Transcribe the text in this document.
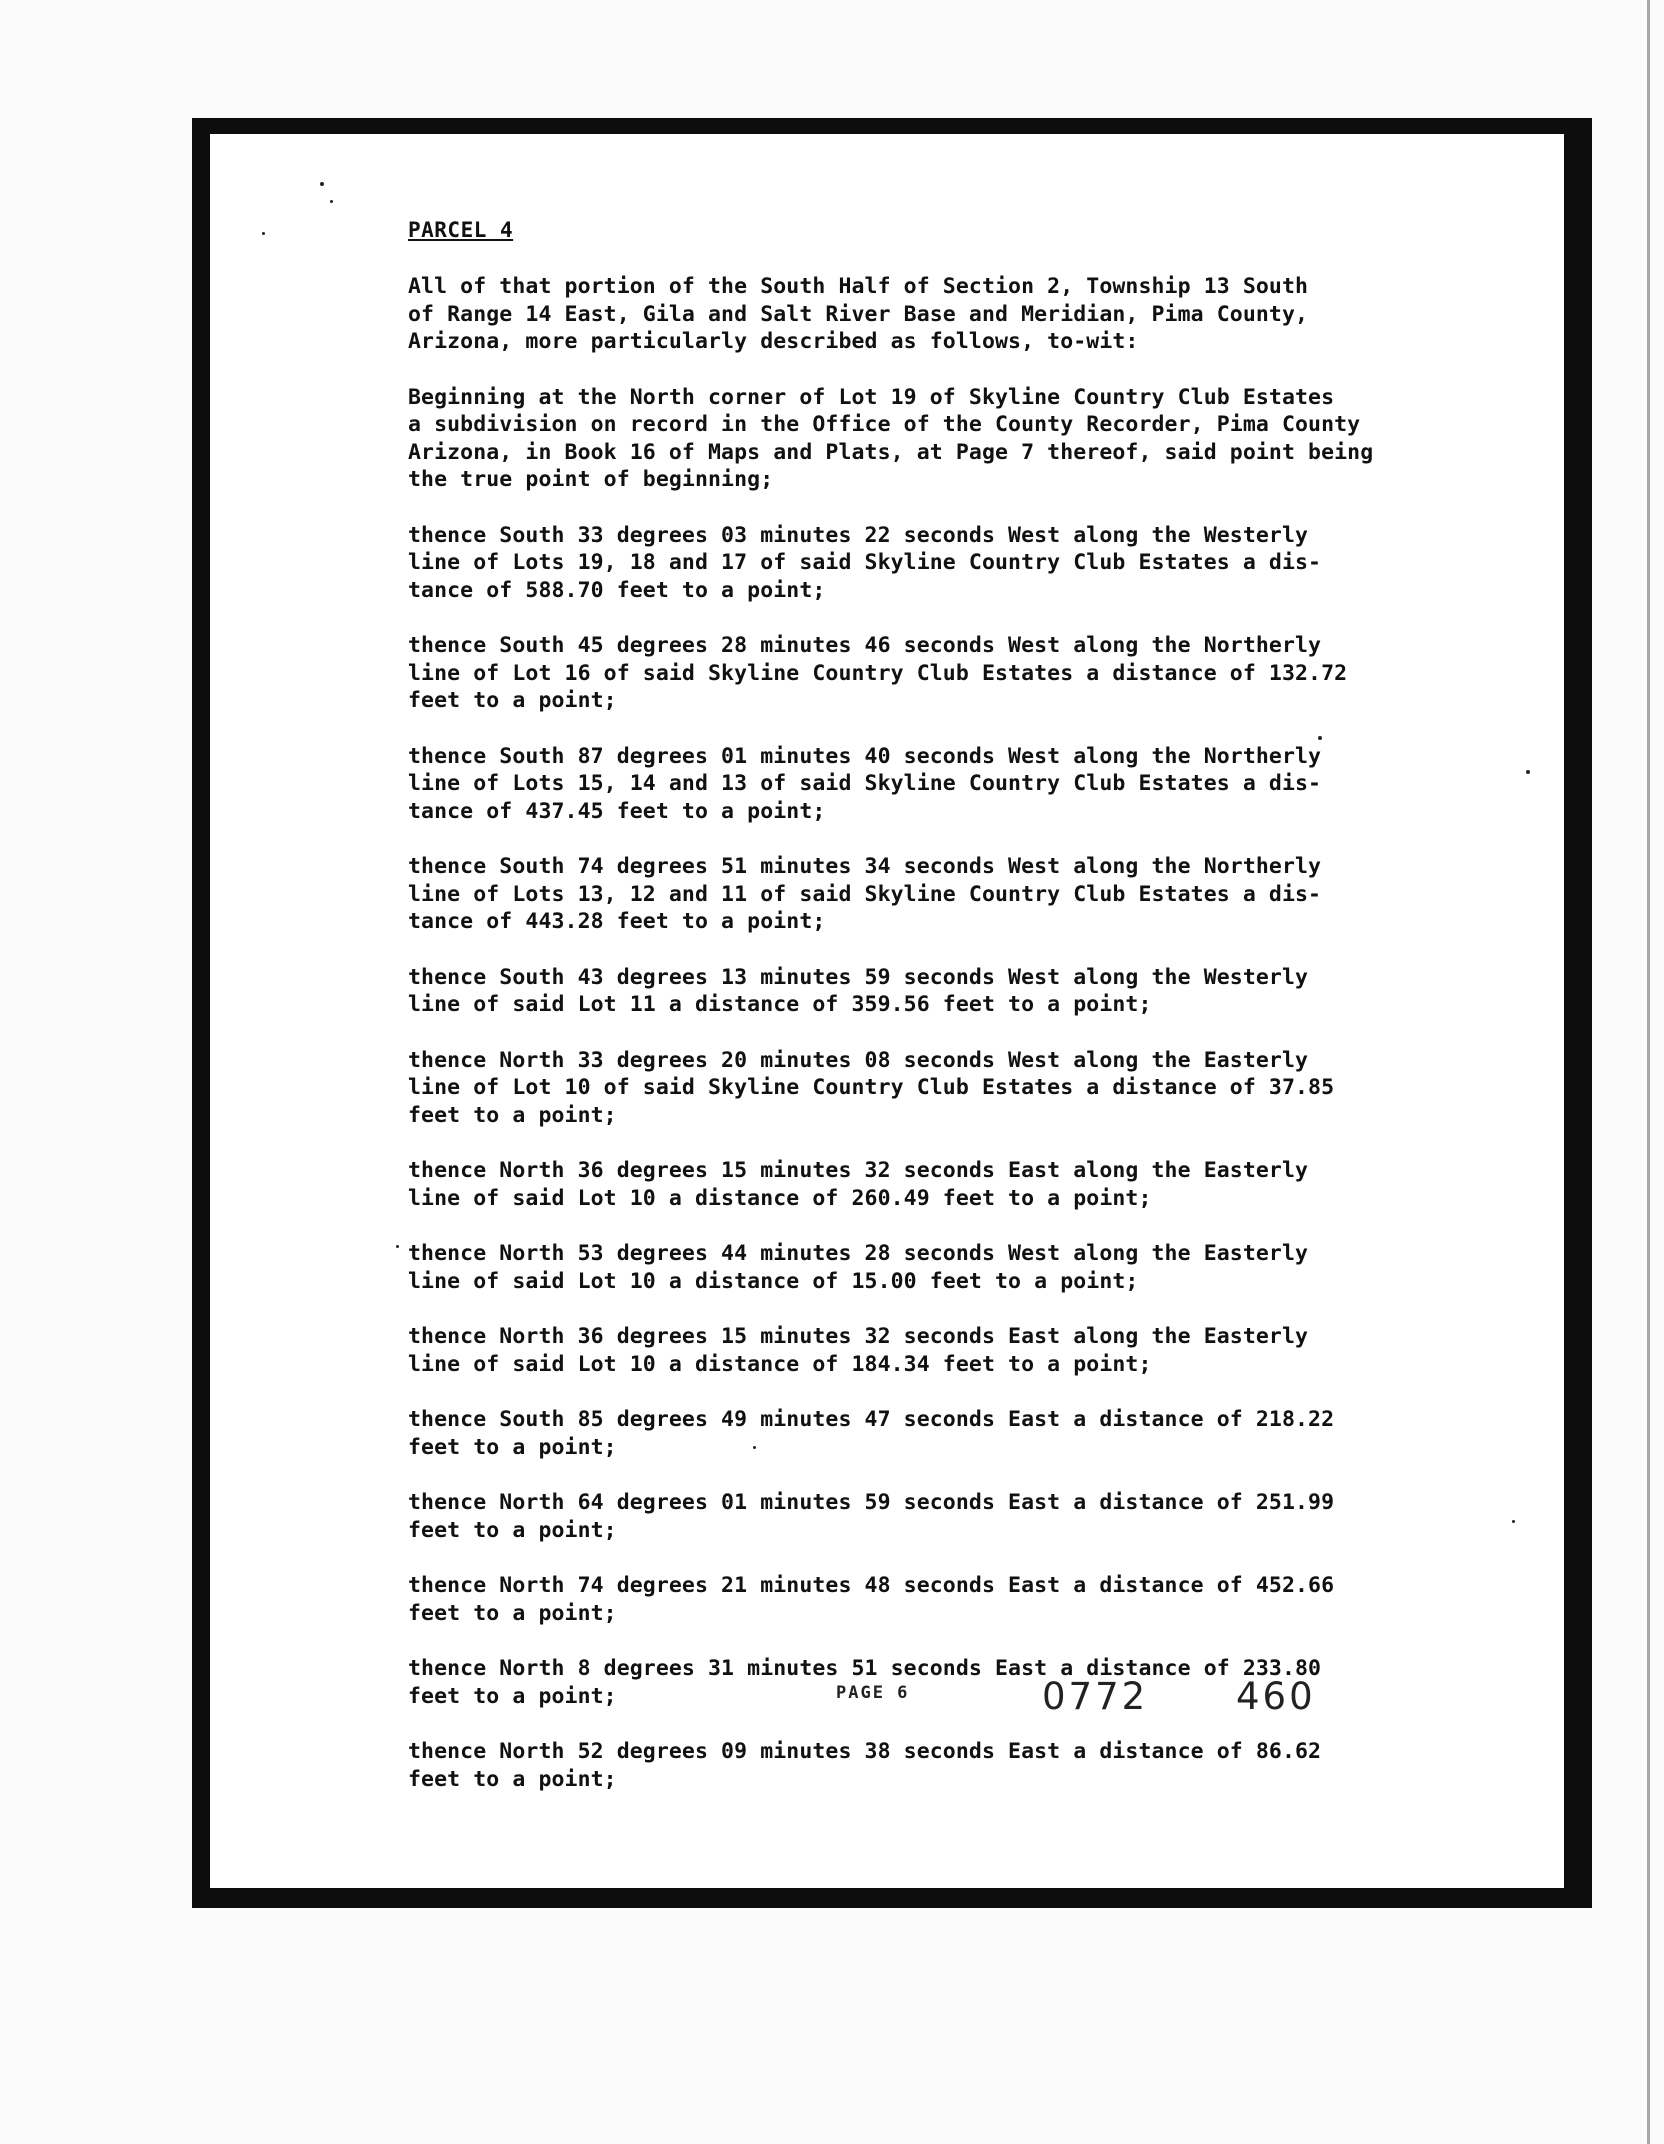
PARCEL 4
All of that portion of the South Half of Section 2, Township 13 South
of Range 14 East, Gila and Salt River Base and Meridian, Pima County,
Arizona, more particularly described as follows, to-wit:
Beginning at the North corner of Lot 19 of Skyline Country Club Estates
a subdivision on record in the Office of the County Recorder, Pima County
Arizona, in Book 16 of Maps and Plats, at Page 7 thereof, said point being
the true point of beginning;
thence South 33 degrees 03 minutes 22 seconds West along the Westerly
line of Lots 19, 18 and 17 of said Skyline Country Club Estates a dis-
tance of 588.70 feet to a point;
thence South 45 degrees 28 minutes 46 seconds West along the Northerly
line of Lot 16 of said Skyline Country Club Estates a distance of 132.72
feet to a point;
thence South 87 degrees 01 minutes 40 seconds West along the Northerly
line of Lots 15, 14 and 13 of said Skyline Country Club Estates a dis-
tance of 437.45 feet to a point;
thence South 74 degrees 51 minutes 34 seconds West along the Northerly
line of Lots 13, 12 and 11 of said Skyline Country Club Estates a dis-
tance of 443.28 feet to a point;
thence South 43 degrees 13 minutes 59 seconds West along the Westerly
line of said Lot 11 a distance of 359.56 feet to a point;
thence North 33 degrees 20 minutes 08 seconds West along the Easterly
line of Lot 10 of said Skyline Country Club Estates a distance of 37.85
feet to a point;
thence North 36 degrees 15 minutes 32 seconds East along the Easterly
line of said Lot 10 a distance of 260.49 feet to a point;
thence North 53 degrees 44 minutes 28 seconds West along the Easterly
line of said Lot 10 a distance of 15.00 feet to a point;
thence North 36 degrees 15 minutes 32 seconds East along the Easterly
line of said Lot 10 a distance of 184.34 feet to a point;
thence South 85 degrees 49 minutes 47 seconds East a distance of 218.22
feet to a point;
thence North 64 degrees 01 minutes 59 seconds East a distance of 251.99
feet to a point;
thence North 74 degrees 21 minutes 48 seconds East a distance of 452.66
feet to a point;
thence North 8 degrees 31 minutes 51 seconds East a distance of 233.80
feet to a point;
thence North 52 degrees 09 minutes 38 seconds East a distance of 86.62
feet to a point;
PAGE 6	0772 460
